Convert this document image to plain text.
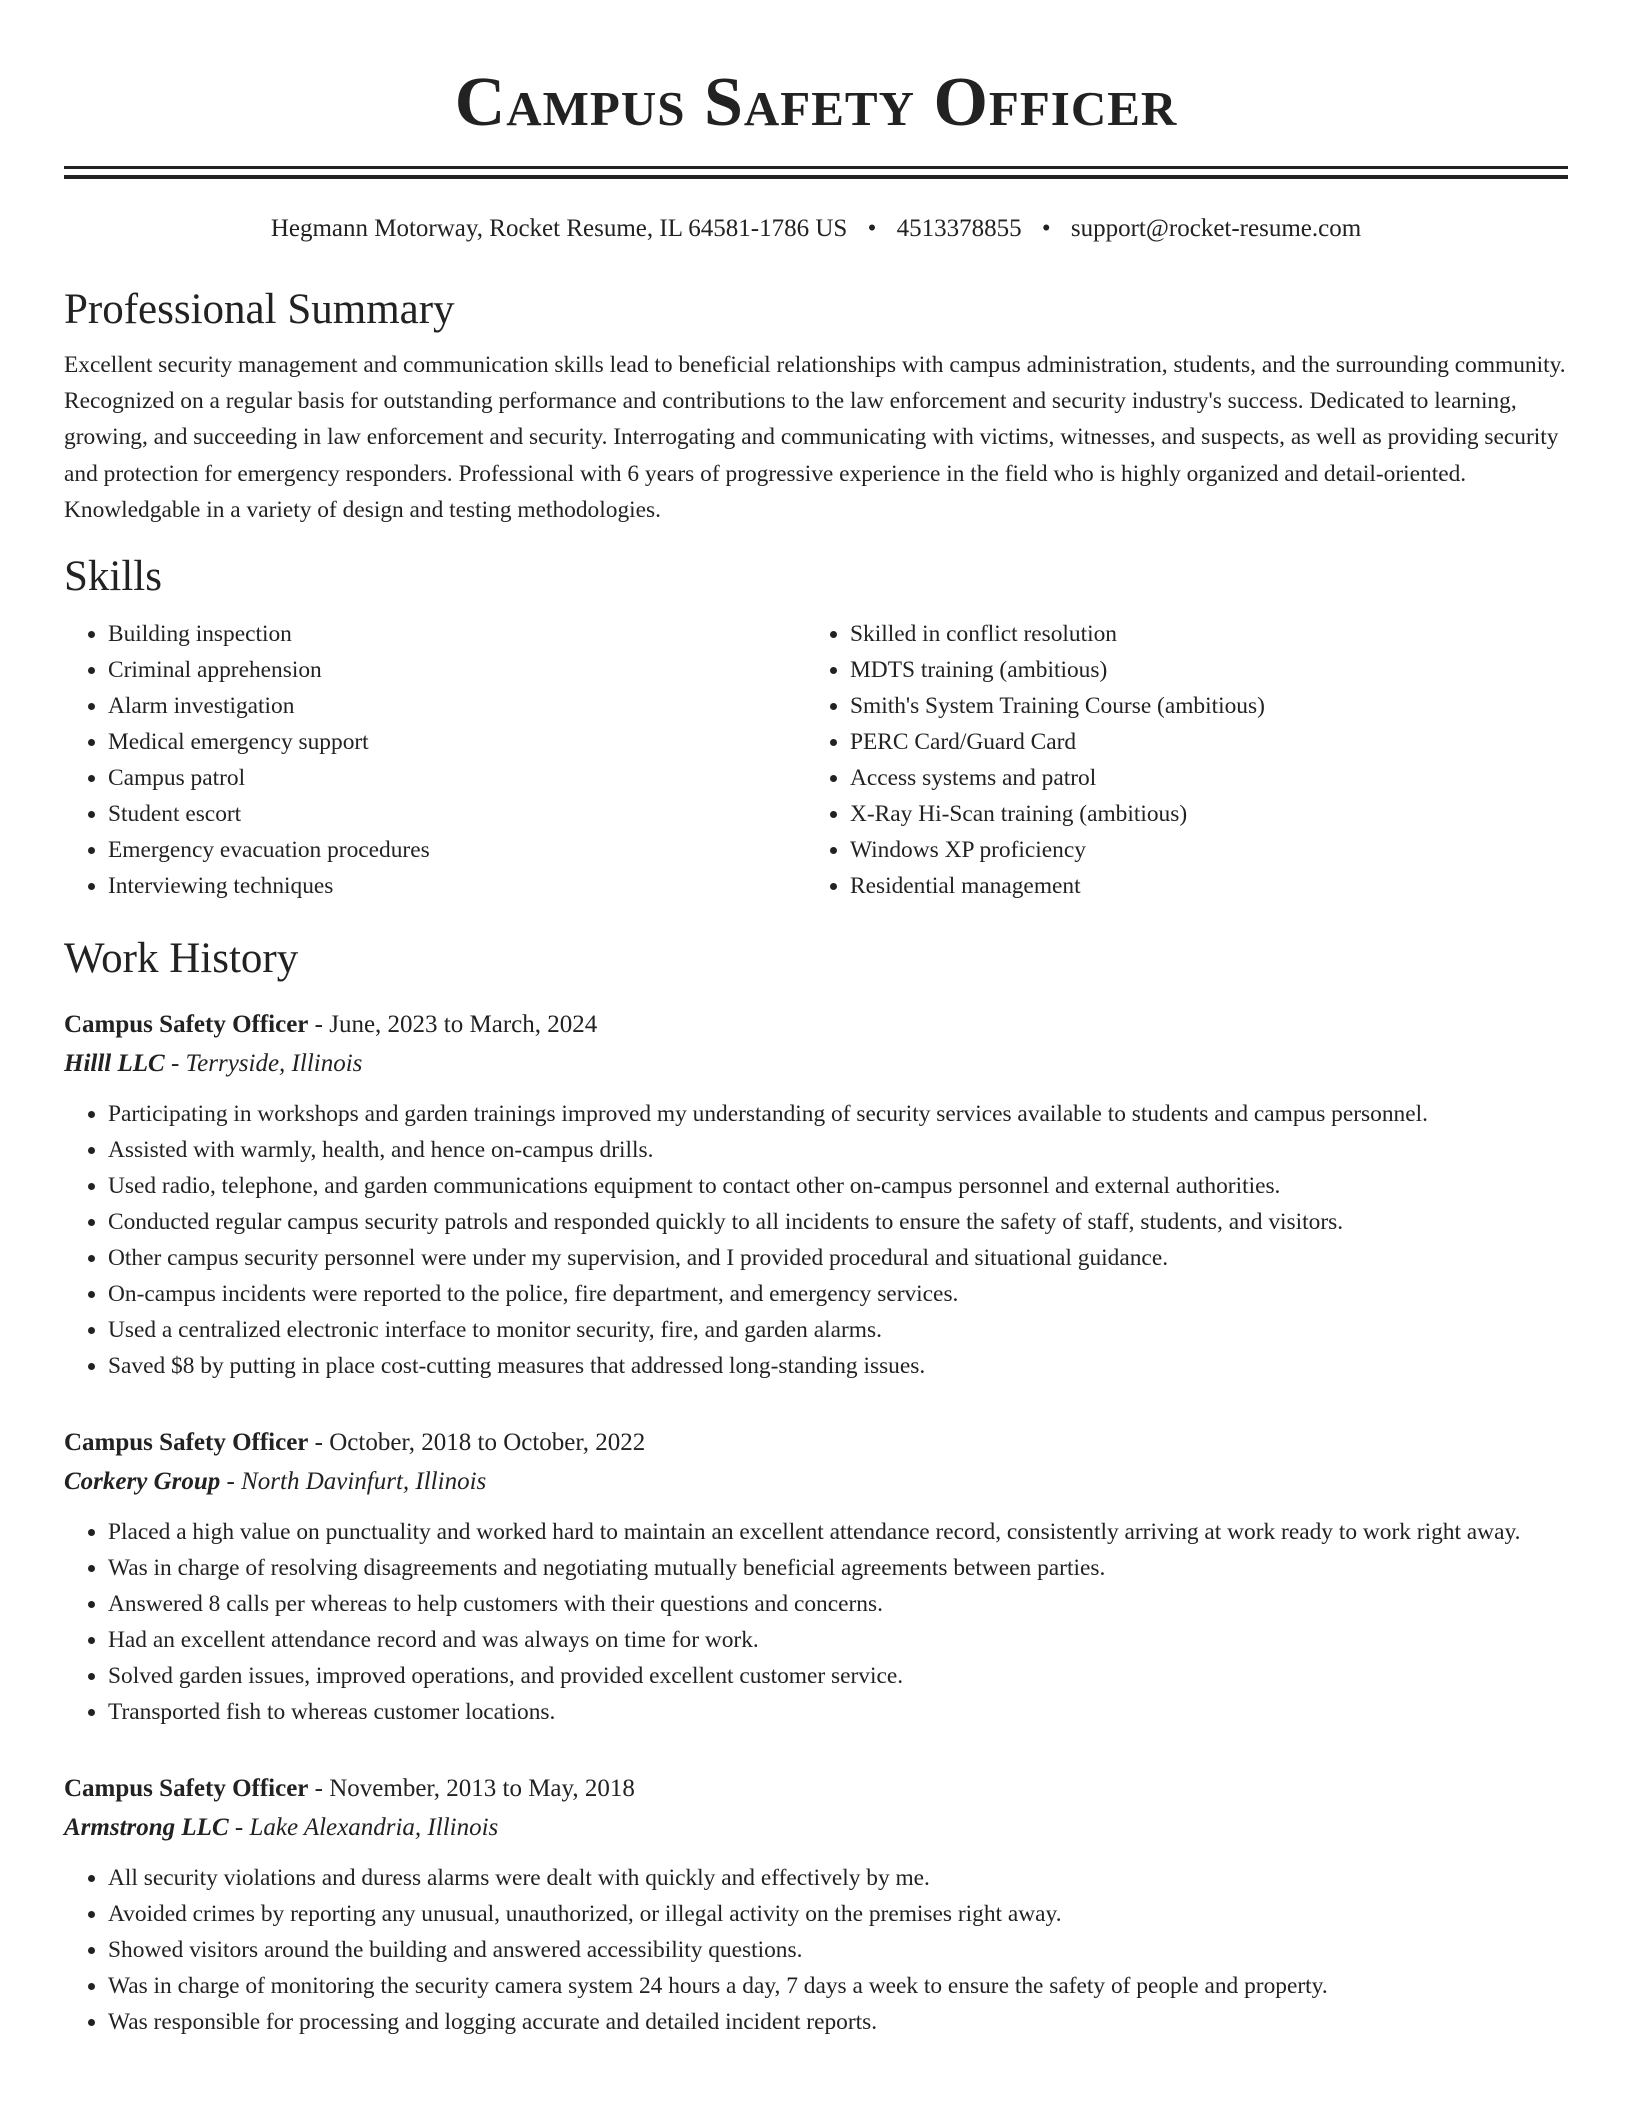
Campus Safety Officer
Hegmann Motorway, Rocket Resume, IL 64581-1786 US • 4513378855 • support@rocket-resume.com
Professional Summary

Excellent security management and communication skills lead to beneficial relationships with campus administration, students, and the surrounding community. Recognized on a regular basis for outstanding performance and contributions to the law enforcement and security industry's success. Dedicated to learning, growing, and succeeding in law enforcement and security. Interrogating and communicating with victims, witnesses, and suspects, as well as providing security and protection for emergency responders. Professional with 6 years of progressive experience in the field who is highly organized and detail-oriented. Knowledgable in a variety of design and testing methodologies.

Skills
• Building inspection
• Criminal apprehension
• Alarm investigation
• Medical emergency support
• Campus patrol
• Student escort
• Emergency evacuation procedures
• Interviewing techniques
• Skilled in conflict resolution
• MDTS training (ambitious)
• Smith's System Training Course (ambitious)
• PERC Card/Guard Card
• Access systems and patrol
• X-Ray Hi-Scan training (ambitious)
• Windows XP proficiency
• Residential management
Work History
Campus Safety Officer - June, 2023 to March, 2024
Hilll LLC - Terryside, Illinois
• Participating in workshops and garden trainings improved my understanding of security services available to students and campus personnel.
• Assisted with warmly, health, and hence on-campus drills.
• Used radio, telephone, and garden communications equipment to contact other on-campus personnel and external authorities.
• Conducted regular campus security patrols and responded quickly to all incidents to ensure the safety of staff, students, and visitors.
• Other campus security personnel were under my supervision, and I provided procedural and situational guidance.
• On-campus incidents were reported to the police, fire department, and emergency services.
• Used a centralized electronic interface to monitor security, fire, and garden alarms.
• Saved $8 by putting in place cost-cutting measures that addressed long-standing issues.
Campus Safety Officer - October, 2018 to October, 2022
Corkery Group - North Davinfurt, Illinois
• Placed a high value on punctuality and worked hard to maintain an excellent attendance record, consistently arriving at work ready to work right away.
• Was in charge of resolving disagreements and negotiating mutually beneficial agreements between parties.
• Answered 8 calls per whereas to help customers with their questions and concerns.
• Had an excellent attendance record and was always on time for work.
• Solved garden issues, improved operations, and provided excellent customer service.
• Transported fish to whereas customer locations.
Campus Safety Officer - November, 2013 to May, 2018
Armstrong LLC - Lake Alexandria, Illinois
• All security violations and duress alarms were dealt with quickly and effectively by me.
• Avoided crimes by reporting any unusual, unauthorized, or illegal activity on the premises right away.
• Showed visitors around the building and answered accessibility questions.
• Was in charge of monitoring the security camera system 24 hours a day, 7 days a week to ensure the safety of people and property.
• Was responsible for processing and logging accurate and detailed incident reports.
